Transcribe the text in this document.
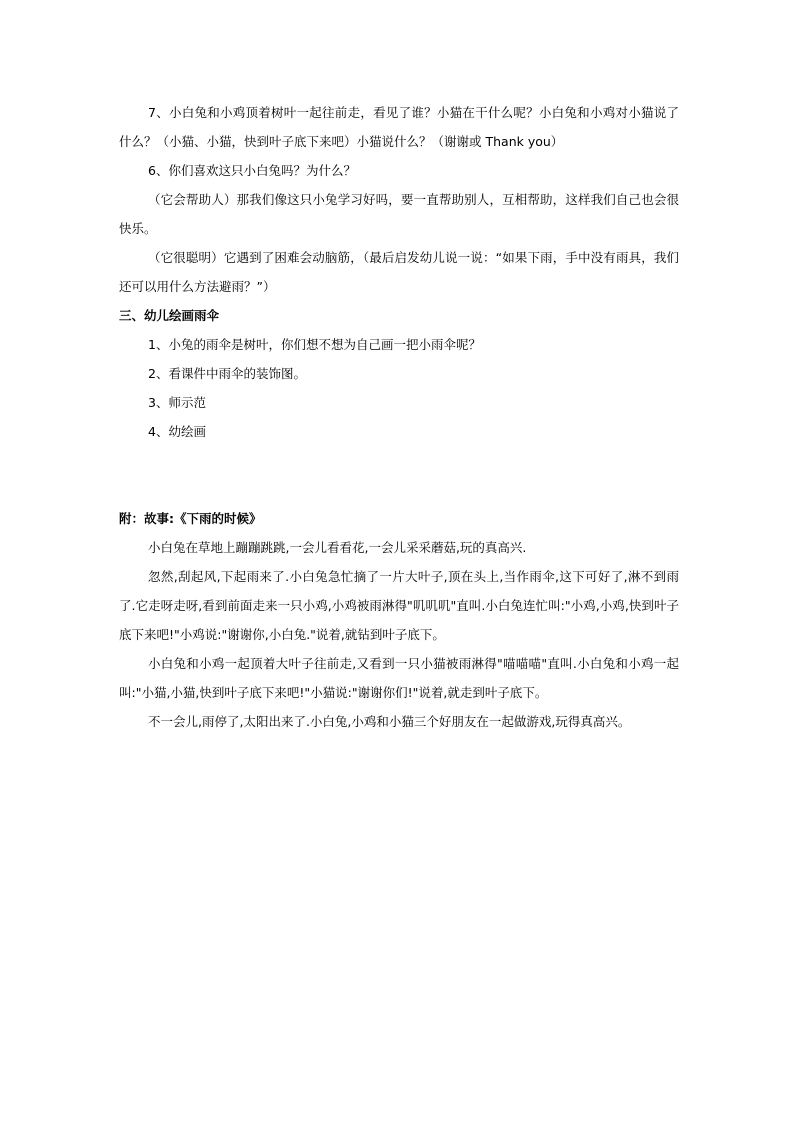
7、小白兔和小鸡顶着树叶一起往前走，看见了谁？小猫在干什么呢？小白兔和小鸡对小猫说了什么？（小猫、小猫，快到叶子底下来吧）小猫说什么？（谢谢或 Thank you）

6、你们喜欢这只小白兔吗？为什么？

（它会帮助人）那我们像这只小兔学习好吗，要一直帮助别人，互相帮助，这样我们自己也会很快乐。

（它很聪明）它遇到了困难会动脑筋，（最后启发幼儿说一说：“如果下雨，手中没有雨具，我们还可以用什么方法避雨？”）

三、幼儿绘画雨伞

1、小兔的雨伞是树叶，你们想不想为自己画一把小雨伞呢？

2、看课件中雨伞的装饰图。

3、师示范

4、幼绘画

附：故事:《下雨的时候》

小白兔在草地上蹦蹦跳跳,一会儿看看花,一会儿采采蘑菇,玩的真高兴.

忽然,刮起风,下起雨来了.小白兔急忙摘了一片大叶子,顶在头上,当作雨伞,这下可好了,淋不到雨了.它走呀走呀,看到前面走来一只小鸡,小鸡被雨淋得"叽叽叽"直叫.小白兔连忙叫:"小鸡,小鸡,快到叶子底下来吧!"小鸡说:"谢谢你,小白兔."说着,就钻到叶子底下。

小白兔和小鸡一起顶着大叶子往前走,又看到一只小猫被雨淋得"喵喵喵"直叫.小白兔和小鸡一起叫:"小猫,小猫,快到叶子底下来吧!"小猫说:"谢谢你们!"说着,就走到叶子底下。

不一会儿,雨停了,太阳出来了.小白兔,小鸡和小猫三个好朋友在一起做游戏,玩得真高兴。
